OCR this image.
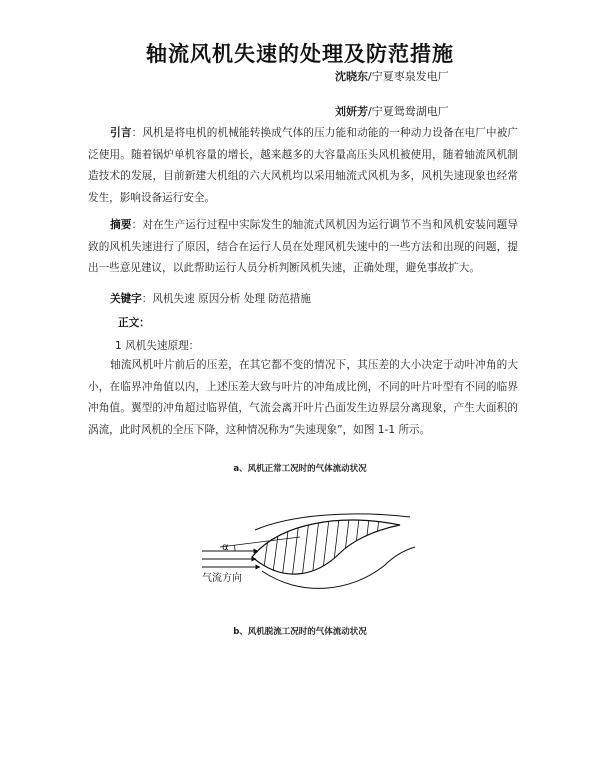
轴流风机失速的处理及防范措施
沈晓东/宁夏枣泉发电厂
刘妍芳/宁夏鸳鸯湖电厂
引言：风机是将电机的机械能转换成气体的压力能和动能的一种动力设备在电厂中被广泛使用。随着锅炉单机容量的增长，越来越多的大容量高压头风机被使用，随着轴流风机制造技术的发展，目前新建大机组的六大风机均以采用轴流式风机为多，风机失速现象也经常发生，影响设备运行安全。
摘要：对在生产运行过程中实际发生的轴流式风机因为运行调节不当和风机安装问题导致的风机失速进行了原因，结合在运行人员在处理风机失速中的一些方法和出现的问题，提出一些意见建议，以此帮助运行人员分析判断风机失速，正确处理，避免事故扩大。
关键字：风机失速 原因分析 处理 防范措施
正文：
1 风机失速原理：
轴流风机叶片前后的压差，在其它都不变的情况下，其压差的大小决定于动叶冲角的大小，在临界冲角值以内，上述压差大致与叶片的冲角成比例，不同的叶片叶型有不同的临界冲角值。翼型的冲角超过临界值，气流会离开叶片凸面发生边界层分离现象，产生大面积的涡流，此时风机的全压下降，这种情况称为“失速现象”，如图 1-1 所示。
a、风机正常工况时的气体流动状况
α
气流方向
b、风机脱流工况时的气体流动状况
